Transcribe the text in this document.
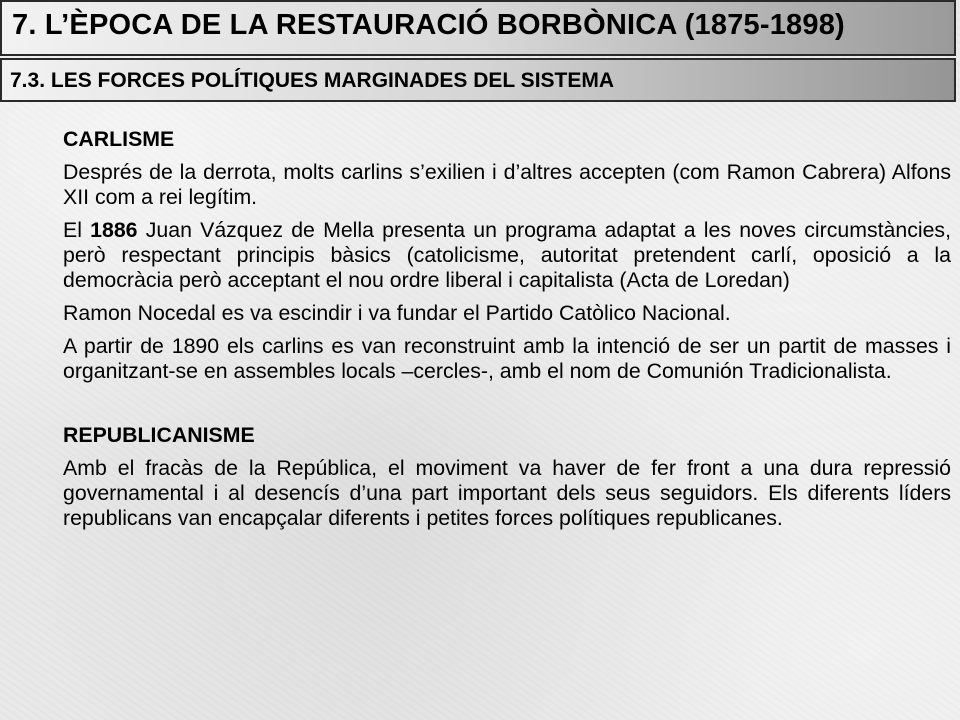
7. L’ÈPOCA DE LA RESTAURACIÓ BORBÒNICA (1875-1898)
7.3. LES FORCES POLÍTIQUES MARGINADES DEL SISTEMA
CARLISME

Després de la derrota, molts carlins s’exilien i d’altres accepten (com Ramon Cabrera) Alfons XII com a rei legítim.

El 1886 Juan Vázquez de Mella presenta un programa adaptat a les noves circumstàncies, però respectant principis bàsics (catolicisme, autoritat pretendent carlí, oposició a la democràcia però acceptant el nou ordre liberal i capitalista (Acta de Loredan)

Ramon Nocedal es va escindir i va fundar el Partido Catòlico Nacional.

A partir de 1890 els carlins es van reconstruint amb la intenció de ser un partit de masses i organitzant-se en assembles locals –cercles-, amb el nom de Comunión Tradicionalista.

REPUBLICANISME

Amb el fracàs de la República, el moviment va haver de fer front a una dura repressió governamental i al desencís d’una part important dels seus seguidors. Els diferents líders republicans van encapçalar diferents i petites forces polítiques republicanes.
